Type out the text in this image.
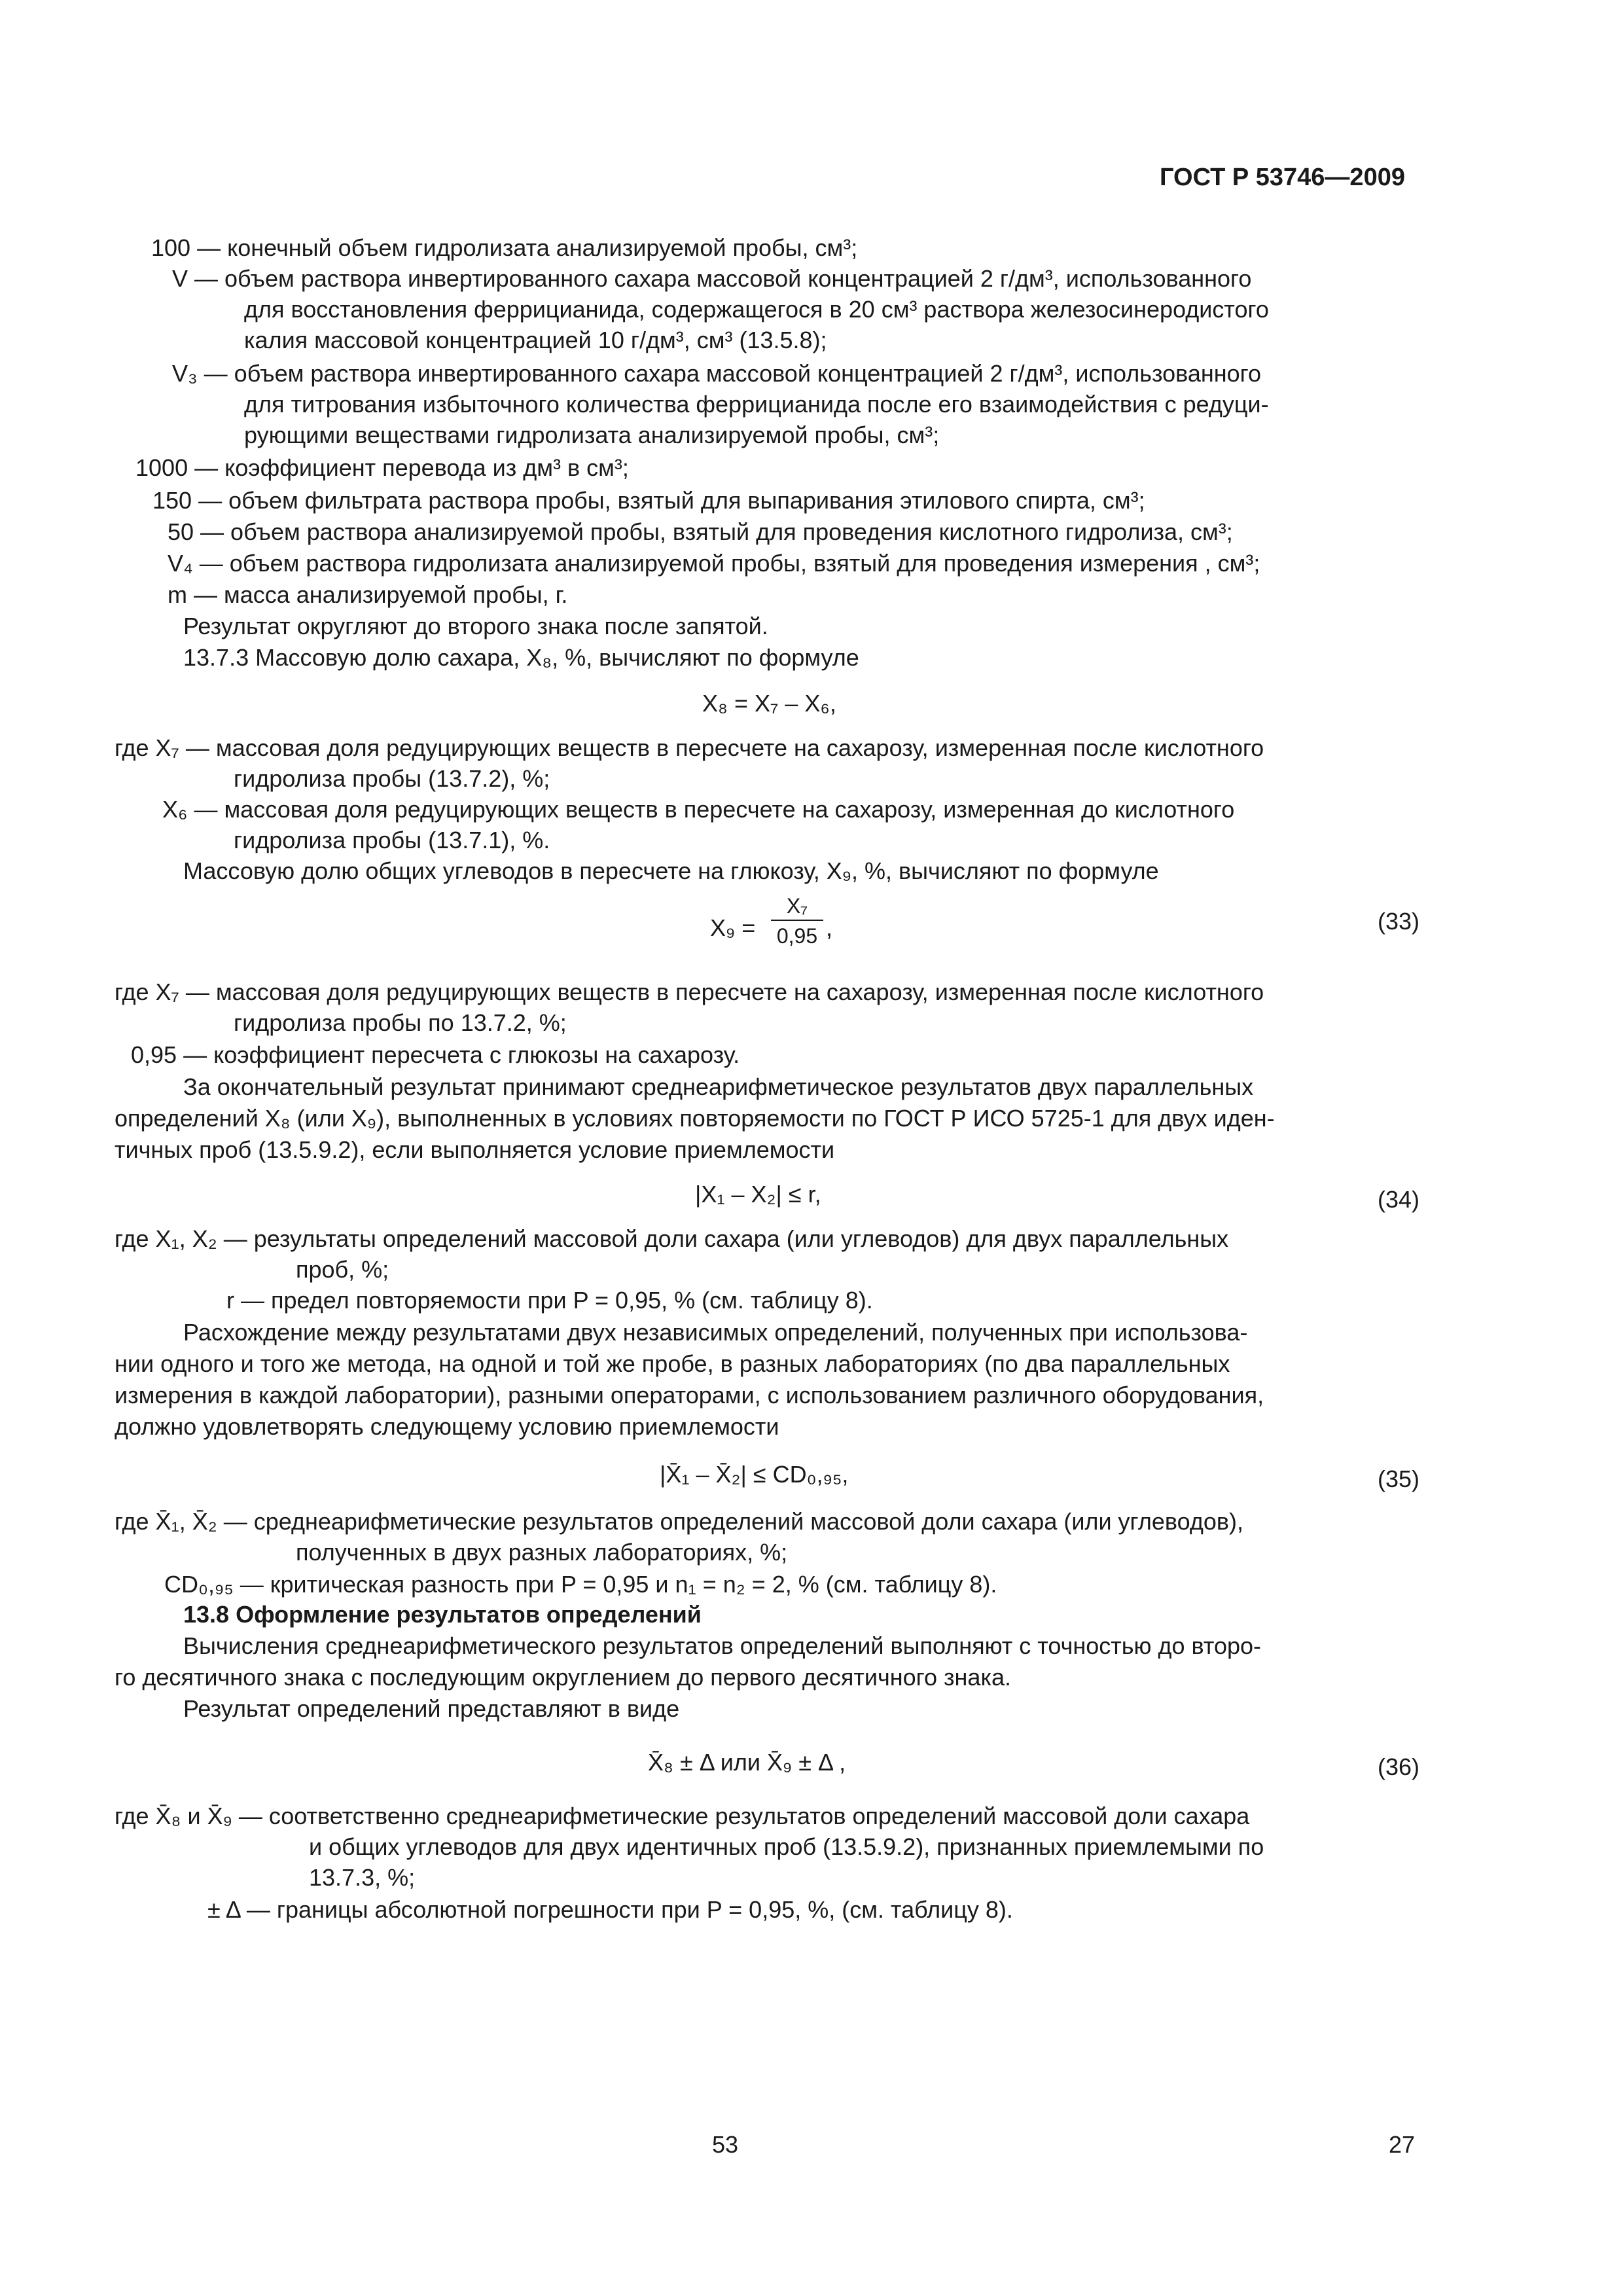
ГОСТ Р 53746—2009
100 — конечный объем гидролизата анализируемой пробы, см³;
V — объем раствора инвертированного сахара массовой концентрацией 2 г/дм³, использованного
для восстановления феррицианида, содержащегося в 20 см³ раствора железосинеродистого
калия массовой концентрацией 10 г/дм³, см³ (13.5.8);
V₃ — объем раствора инвертированного сахара массовой концентрацией 2 г/дм³, использованного
для титрования избыточного количества феррицианида после его взаимодействия с редуци-
рующими веществами гидролизата анализируемой пробы, см³;
1000 — коэффициент перевода из дм³ в см³;
150 — объем фильтрата раствора пробы, взятый для выпаривания этилового спирта, см³;
50 — объем раствора анализируемой пробы, взятый для проведения кислотного гидролиза, см³;
V₄ — объем раствора гидролизата анализируемой пробы, взятый для проведения измерения , см³;
m — масса анализируемой пробы, г.
Результат округляют до второго знака после запятой.
13.7.3 Массовую долю сахара, X₈, %, вычисляют по формуле
X₈ = X₇ – X₆,
где X₇ — массовая доля редуцирующих веществ в пересчете на сахарозу, измеренная после кислотного
гидролиза пробы (13.7.2), %;
X₆ — массовая доля редуцирующих веществ в пересчете на сахарозу, измеренная до кислотного
гидролиза пробы (13.7.1), %.
Массовую долю общих углеводов в пересчете на глюкозу, X₉, %, вычисляют по формуле
X₉ =
X₇
0,95 ,	(33)
где X₇ — массовая доля редуцирующих веществ в пересчете на сахарозу, измеренная после кислотного
гидролиза пробы по 13.7.2, %;
0,95 — коэффициент пересчета с глюкозы на сахарозу.
За окончательный результат принимают среднеарифметическое результатов двух параллельных
определений X₈ (или X₉), выполненных в условиях повторяемости по ГОСТ Р ИСО 5725-1 для двух иден-
тичных проб (13.5.9.2), если выполняется условие приемлемости
|X₁ – X₂| ≤ r,	(34)
где X₁, X₂ — результаты определений массовой доли сахара (или углеводов) для двух параллельных
проб, %;
r — предел повторяемости при P = 0,95, % (см. таблицу 8).
Расхождение между результатами двух независимых определений, полученных при использова-
нии одного и того же метода, на одной и той же пробе, в разных лабораториях (по два параллельных
измерения в каждой лаборатории), разными операторами, с использованием различного оборудования,
должно удовлетворять следующему условию приемлемости
|X̄₁ – X̄₂| ≤ CD₀,₉₅,	(35)
где X̄₁, X̄₂ — среднеарифметические результатов определений массовой доли сахара (или углеводов),
полученных в двух разных лабораториях, %;
CD₀,₉₅ — критическая разность при P = 0,95 и n₁ = n₂ = 2, % (см. таблицу 8).
13.8 Оформление результатов определений
Вычисления среднеарифметического результатов определений выполняют с точностью до второ-
го десятичного знака с последующим округлением до первого десятичного знака.
Результат определений представляют в виде
X̄₈ ± Δ или X̄₉ ± Δ ,	(36)
где X̄₈ и X̄₉ — соответственно среднеарифметические результатов определений массовой доли сахара
и общих углеводов для двух идентичных проб (13.5.9.2), признанных приемлемыми по
13.7.3, %;
± Δ — границы абсолютной погрешности при P = 0,95, %, (см. таблицу 8).
53	27
